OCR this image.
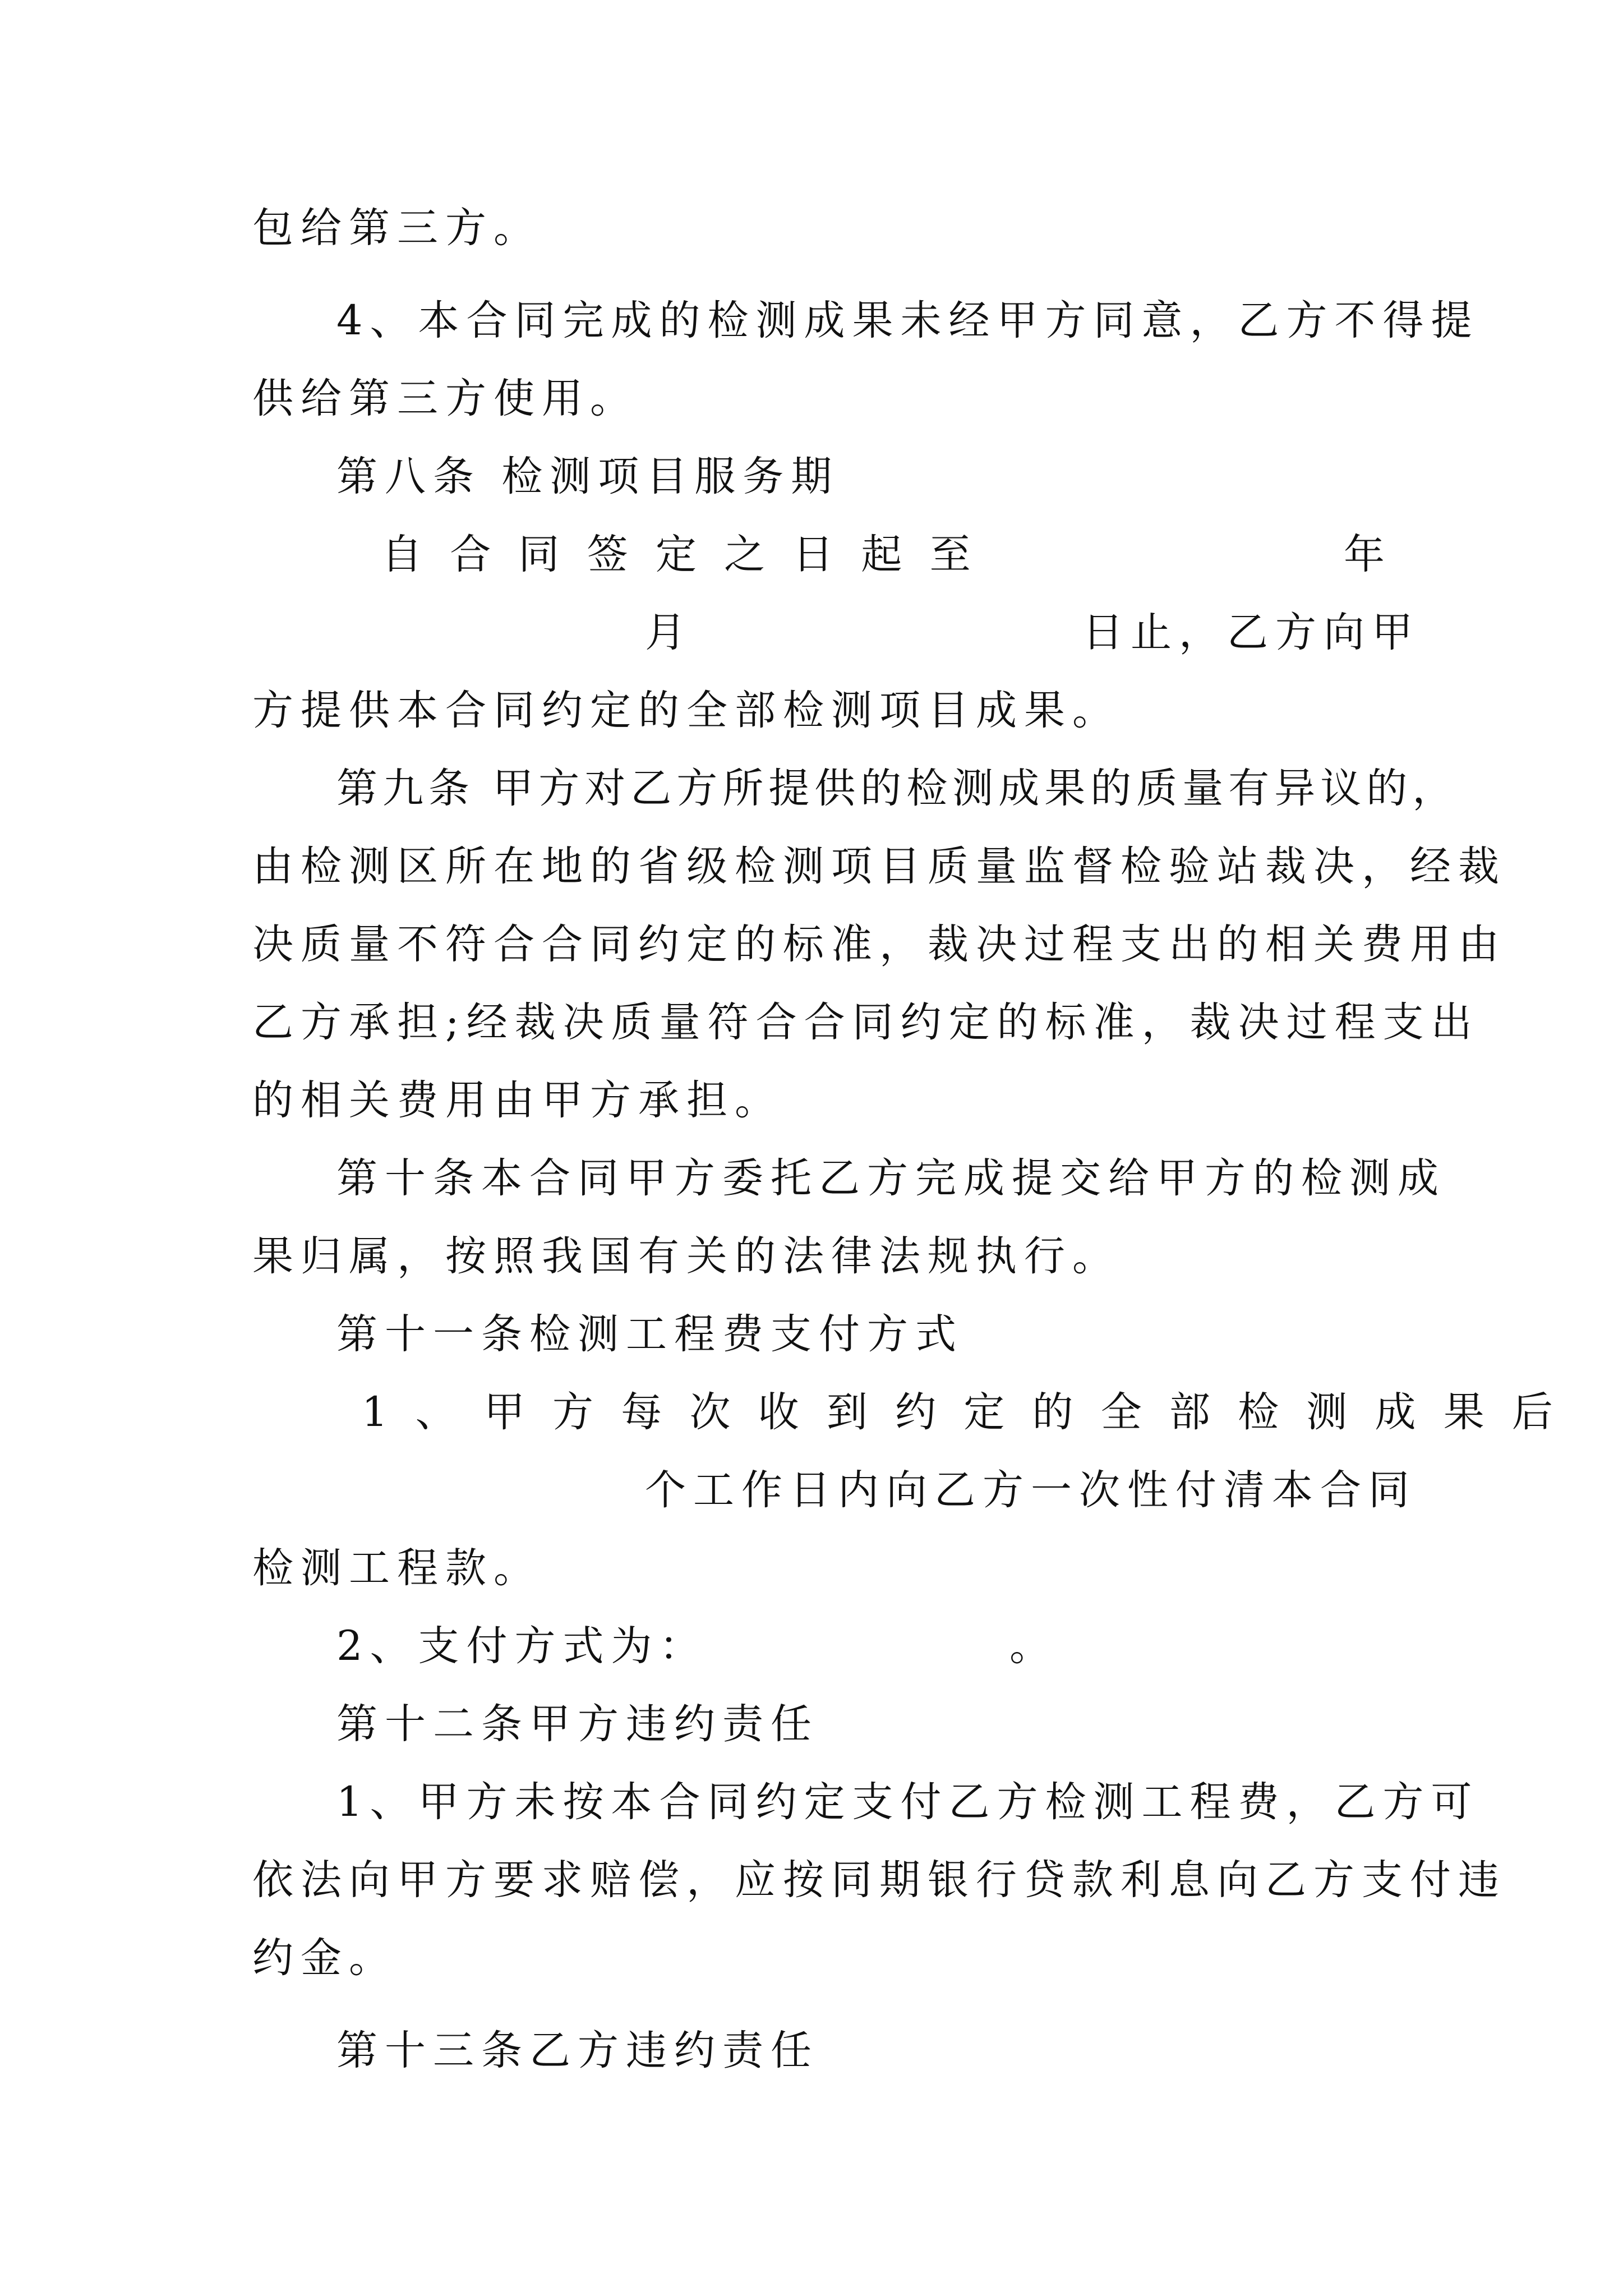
包给第三方。
4、本合同完成的检测成果未经甲方同意，乙方不得提
供给第三方使用。
第八条 检测项目服务期
自 合 同 签 定 之 日 起 至	年
月	日止，乙方向甲
方提供本合同约定的全部检测项目成果。
第九条 甲方对乙方所提供的检测成果的质量有异议的，
由检测区所在地的省级检测项目质量监督检验站裁决，经裁
决质量不符合合同约定的标准，裁决过程支出的相关费用由
乙方承担;经裁决质量符合合同约定的标准，裁决过程支出
的相关费用由甲方承担。
第十条本合同甲方委托乙方完成提交给甲方的检测成
果归属，按照我国有关的法律法规执行。
第十一条检测工程费支付方式
1 、 甲 方 每 次 收 到 约 定 的 全 部 检 测 成 果 后
个工作日内向乙方一次性付清本合同
检测工程款。
2、支付方式为：	。
第十二条甲方违约责任
1、甲方未按本合同约定支付乙方检测工程费，乙方可
依法向甲方要求赔偿，应按同期银行贷款利息向乙方支付违
约金。
第十三条乙方违约责任
